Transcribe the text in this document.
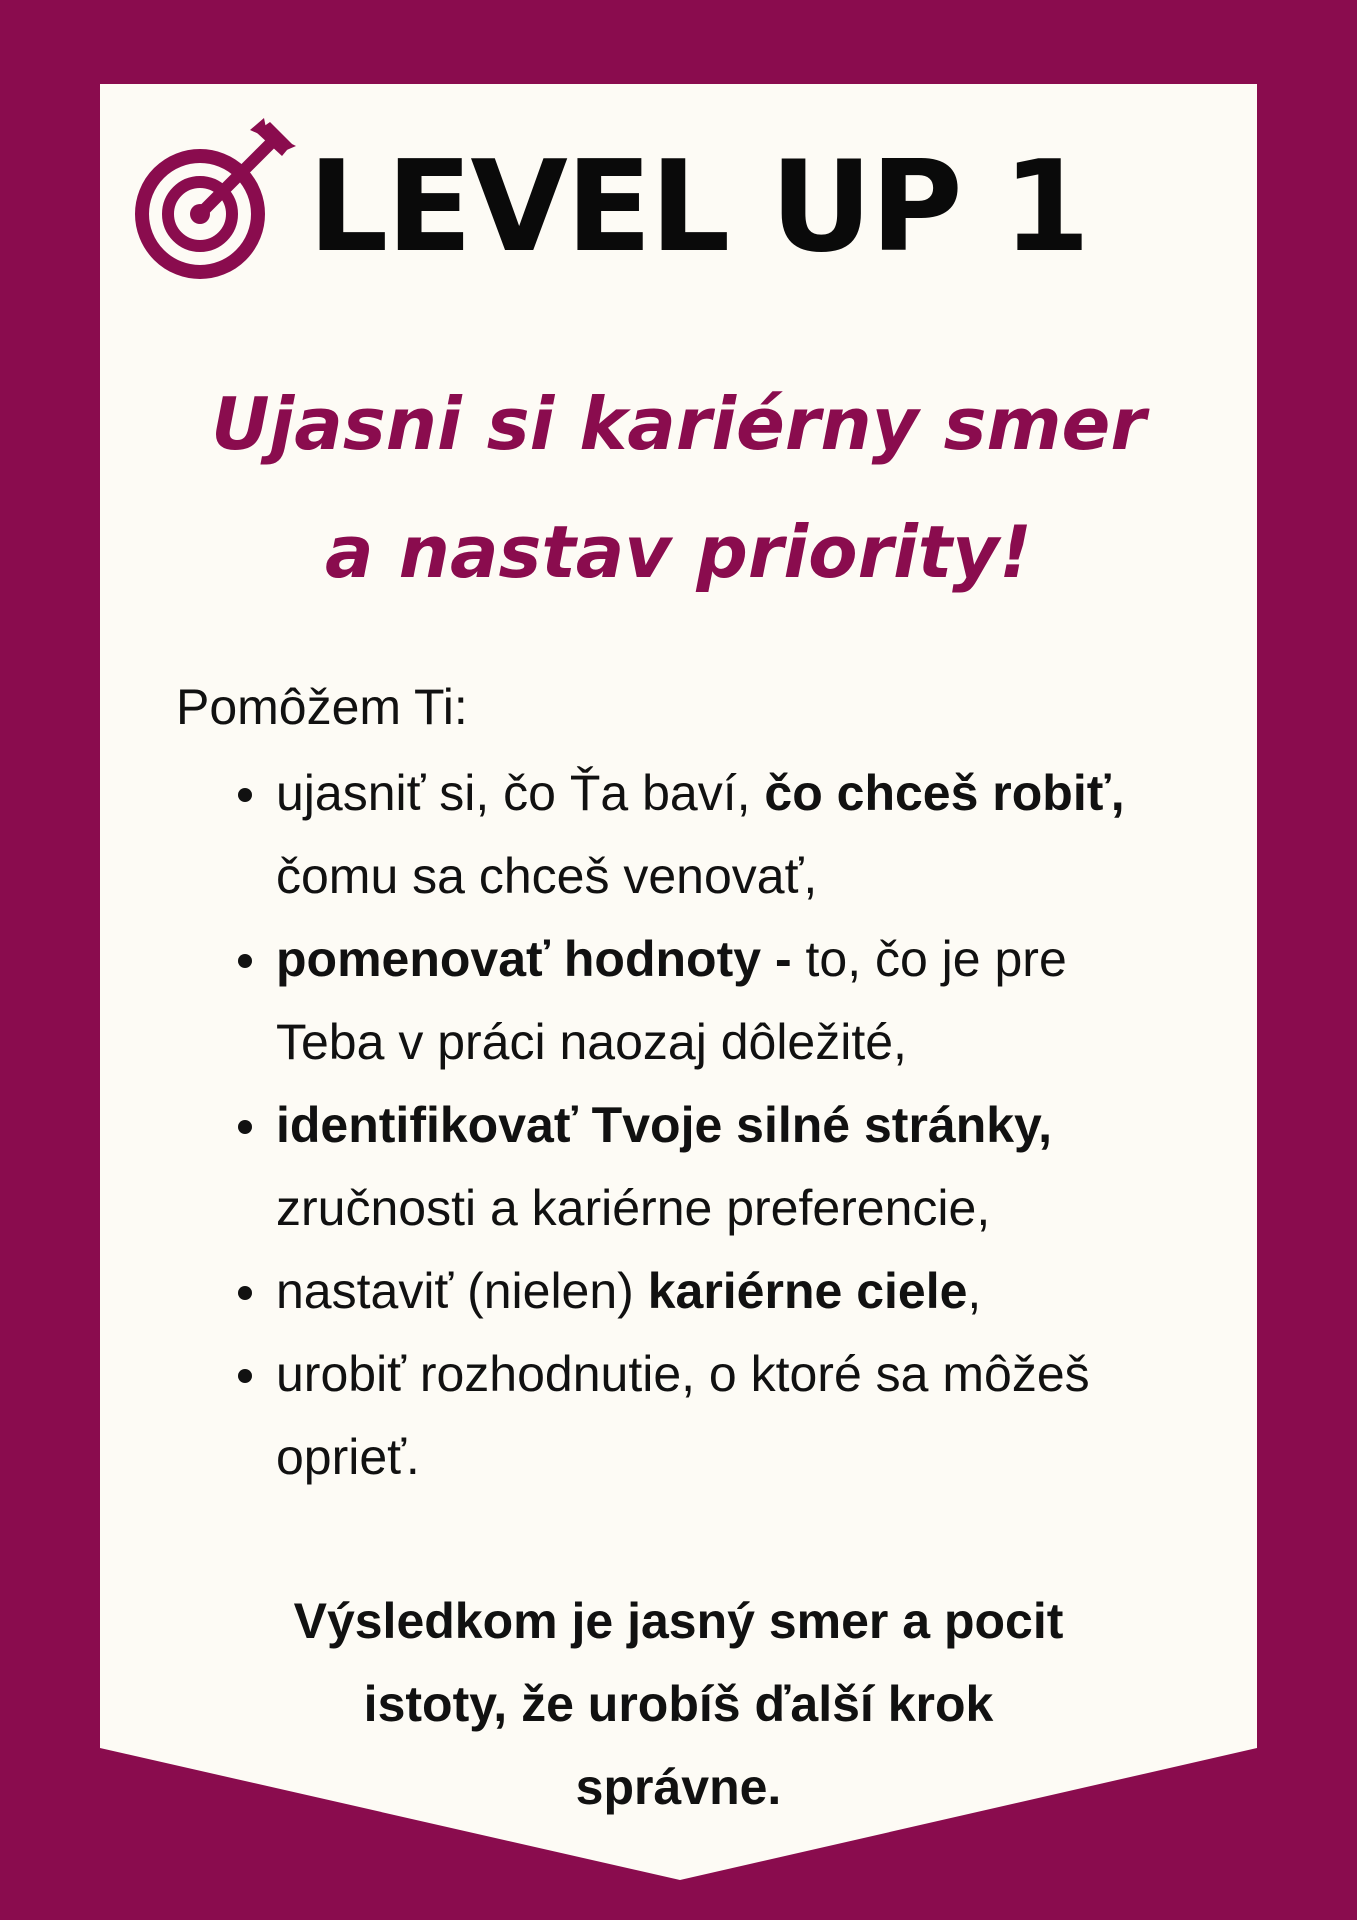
LEVEL UP 1
Ujasni si kariérny smer
a nastav priority!

Pomôžem Ti:

ujasniť si, čo Ťa baví, čo chceš robiť, čomu sa chceš venovať,
pomenovať hodnoty - to, čo je pre Teba v práci naozaj dôležité,
identifikovať Tvoje silné stránky, zručnosti a kariérne preferencie,
nastaviť (nielen) kariérne ciele,
urobiť rozhodnutie, o ktoré sa môžeš oprieť.

Výsledkom je jasný smer a pocit
istoty, že urobíš ďalší krok
správne.
